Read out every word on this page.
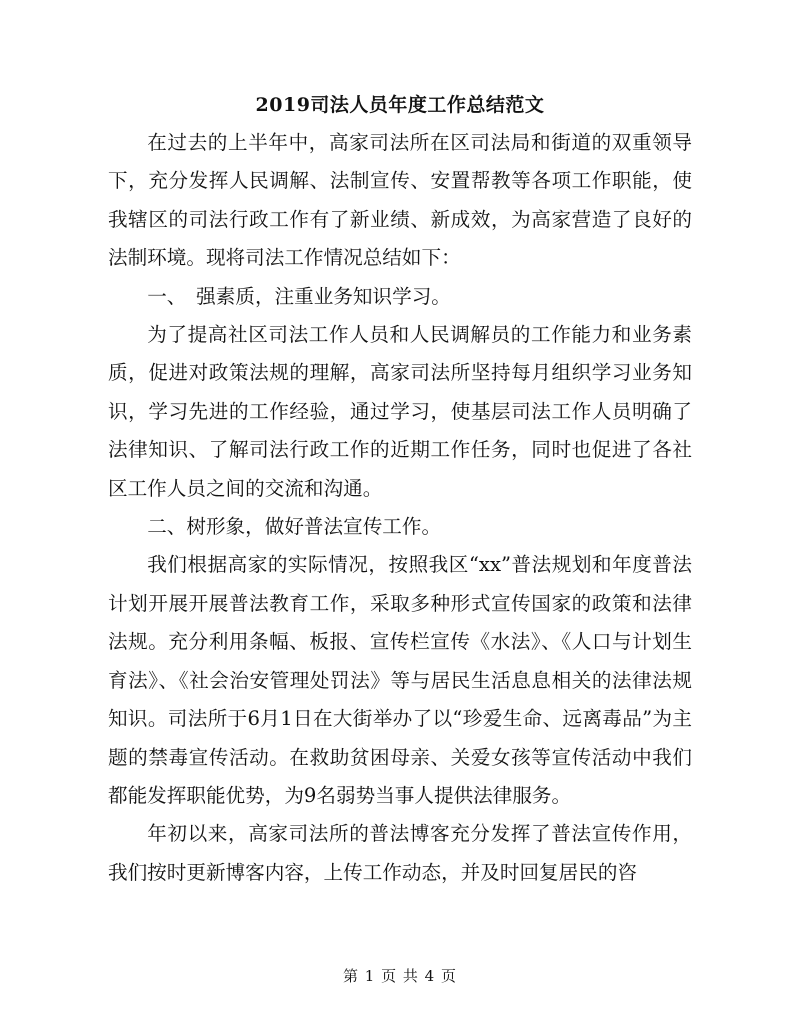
2019司法人员年度工作总结范文

在过去的上半年中，高家司法所在区司法局和街道的双重领导下，充分发挥人民调解、法制宣传、安置帮教等各项工作职能，使我辖区的司法行政工作有了新业绩、新成效，为高家营造了良好的法制环境。现将司法工作情况总结如下：

一、　强素质，注重业务知识学习。

为了提高社区司法工作人员和人民调解员的工作能力和业务素质，促进对政策法规的理解，高家司法所坚持每月组织学习业务知识，学习先进的工作经验，通过学习，使基层司法工作人员明确了法律知识、了解司法行政工作的近期工作任务，同时也促进了各社区工作人员之间的交流和沟通。

二、树形象，做好普法宣传工作。

我们根据高家的实际情况，按照我区“xx”普法规划和年度普法计划开展开展普法教育工作，采取多种形式宣传国家的政策和法律法规。充分利用条幅、板报、宣传栏宣传《水法》、《人口与计划生育法》、《社会治安管理处罚法》等与居民生活息息相关的法律法规知识。司法所于6月1日在大街举办了以“珍爱生命、远离毒品”为主题的禁毒宣传活动。在救助贫困母亲、关爱女孩等宣传活动中我们都能发挥职能优势，为9名弱势当事人提供法律服务。

年初以来，高家司法所的普法博客充分发挥了普法宣传作用，我们按时更新博客内容，上传工作动态，并及时回复居民的咨

第 1 页 共 4 页
